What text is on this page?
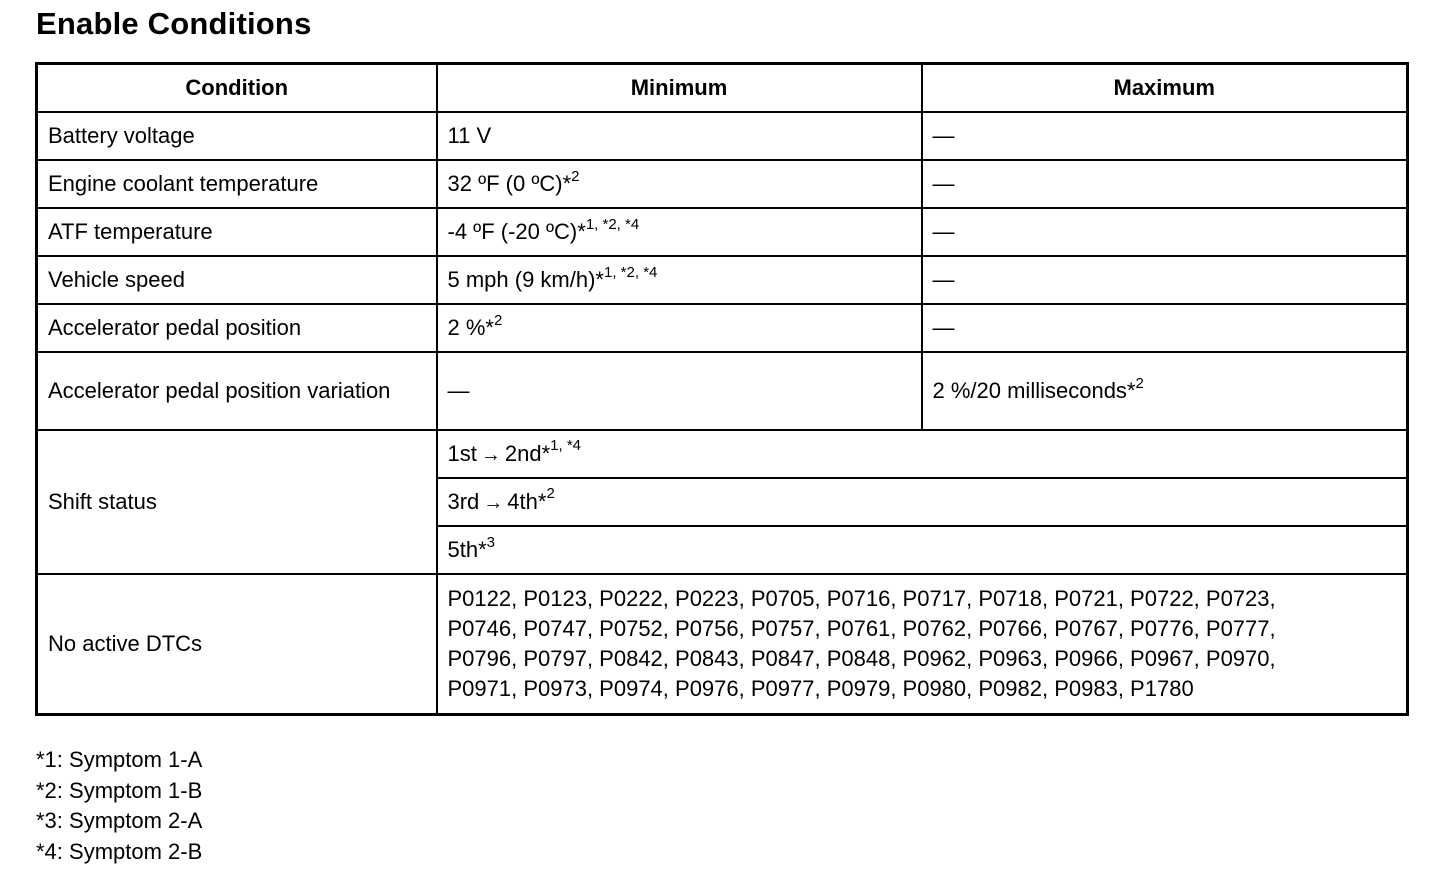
Enable Conditions
Condition	Minimum	Maximum
Battery voltage	11 V	—
Engine coolant temperature	32 ºF (0 ºC)*$^2$	—
ATF temperature	-4 ºF (-20 ºC)*$^{1, *2, *4}$	—
Vehicle speed	5 mph (9 km/h)*$^{1, *2, *4}$	—
Accelerator pedal position	2 %*$^2$	—
Accelerator pedal position variation	—	2 %/20 milliseconds*$^2$
Shift status	1st → 2nd*$^{1, *4}$
	3rd → 4th*$^2$
	5th*$^3$
No active DTCs	P0122, P0123, P0222, P0223, P0705, P0716, P0717, P0718, P0721, P0722, P0723,
P0746, P0747, P0752, P0756, P0757, P0761, P0762, P0766, P0767, P0776, P0777,
P0796, P0797, P0842, P0843, P0847, P0848, P0962, P0963, P0966, P0967, P0970,
P0971, P0973, P0974, P0976, P0977, P0979, P0980, P0982, P0983, P1780	
*1: Symptom 1-A
*2: Symptom 1-B
*3: Symptom 2-A
*4: Symptom 2-B
